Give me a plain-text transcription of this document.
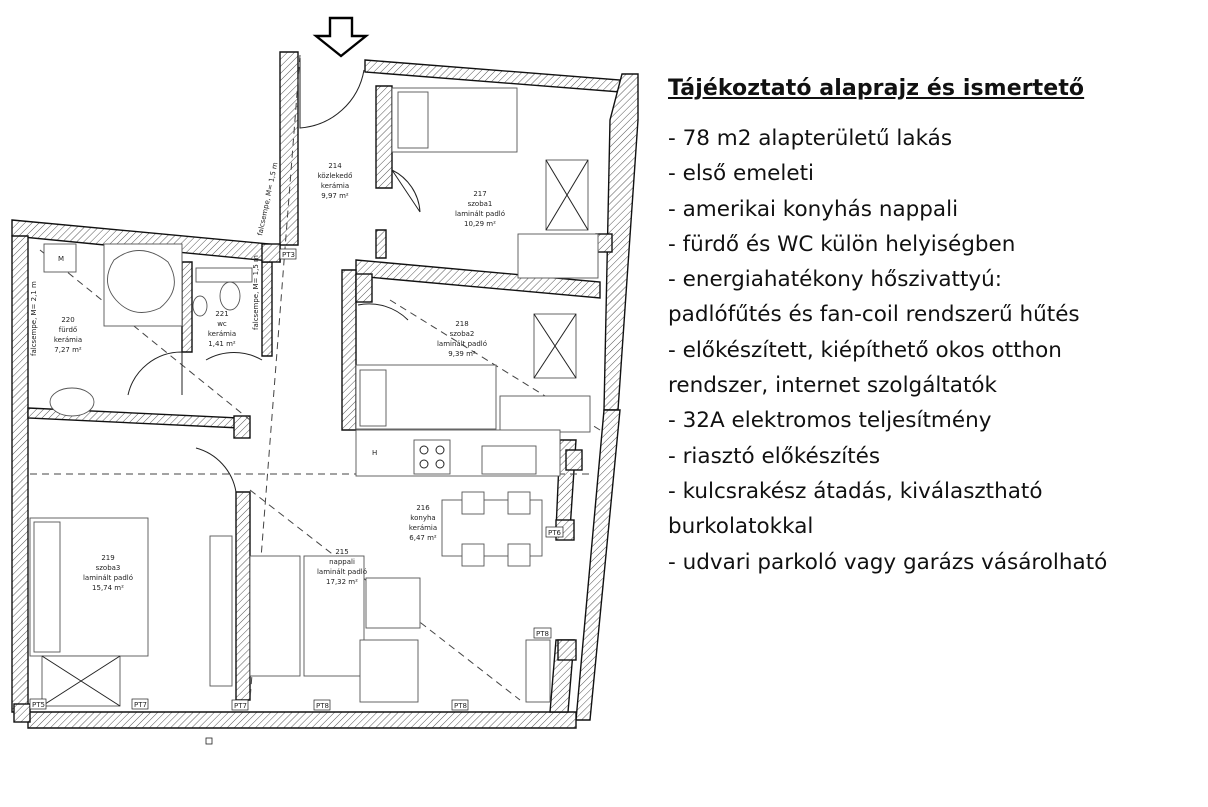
214
közlekedő
kerámia
9,97 m²	217
szoba1
laminált padló
10,29 m²
218
szoba2
laminált padló
9,39 m²
220
fürdő
kerámia
7,27 m²
221
wc
kerámia
1,41 m²
216
konyha
kerámia
6,47 m²
219
szoba3
laminált padló
15,74 m²
215
nappali
laminált padló
17,32 m²
M
H
falcsempe, M= 2,1 m	falcsempe, M= 1,5 m
falcsempe, M= 1,5 m
PT3
PT5
PT6
PT7	PT7	PT8	PT8
PT8
Tájékoztató alaprajz és ismertető
- 78 m2 alapterületű lakás
- első emeleti
- amerikai konyhás nappali
- fürdő és WC külön helyiségben
- energiahatékony hőszivattyú:
padlófűtés és fan-coil rendszerű hűtés
- előkészített, kiépíthető okos otthon
rendszer, internet szolgáltatók
- 32A elektromos teljesítmény
- riasztó előkészítés
- kulcsrakész átadás, kiválasztható
burkolatokkal
- udvari parkoló vagy garázs vásárolható
